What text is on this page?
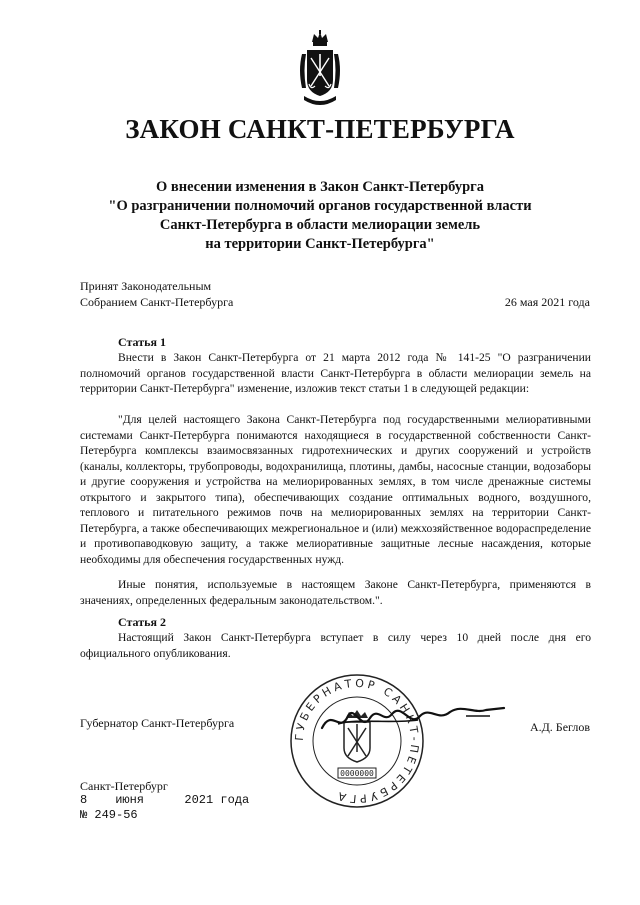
ЗАКОН САНКТ-ПЕТЕРБУРГА
О внесении изменения в Закон Санкт-Петербурга
"О разграничении полномочий органов государственной власти
Санкт-Петербурга в области мелиорации земель
на территории Санкт-Петербурга"
Принят Законодательным
Собранием Санкт-Петербурга	26 мая 2021 года
Статья 1

Внести в Закон Санкт-Петербурга от 21 марта 2012 года № 141-25 "О разграничении полномочий органов государственной власти Санкт-Петербурга в области мелиорации земель на территории Санкт-Петербурга" изменение, изложив текст статьи 1 в следующей редакции:

"Для целей настоящего Закона Санкт-Петербурга под государственными мелиоративными системами Санкт-Петербурга понимаются находящиеся в государственной собственности Санкт-Петербурга комплексы взаимосвязанных гидротехнических и других сооружений и устройств (каналы, коллекторы, трубопроводы, водохранилища, плотины, дамбы, насосные станции, водозаборы и другие сооружения и устройства на мелиорированных землях, в том числе дренажные системы открытого и закрытого типа), обеспечивающих создание оптимальных водного, воздушного, теплового и питательного режимов почв на мелиорированных землях на территории Санкт-Петербурга, а также обеспечивающих межрегиональное и (или) межхозяйственное водораспределение и противопаводковую защиту, а также мелиоративные защитные лесные насаждения, которые необходимы для обеспечения государственных нужд.

Иные понятия, используемые в настоящем Законе Санкт-Петербурга, применяются в значениях, определенных федеральным законодательством.".

Статья 2

Настоящий Закон Санкт-Петербурга вступает в силу через 10 дней после дня его официального опубликования.

ГУБЕРНАТОР САНКТ-ПЕТЕРБУРГА
0000000
Губернатор Санкт-Петербурга	А.Д. Беглов
Санкт-Петербург
8 июня	2021 года
№ 249-56
